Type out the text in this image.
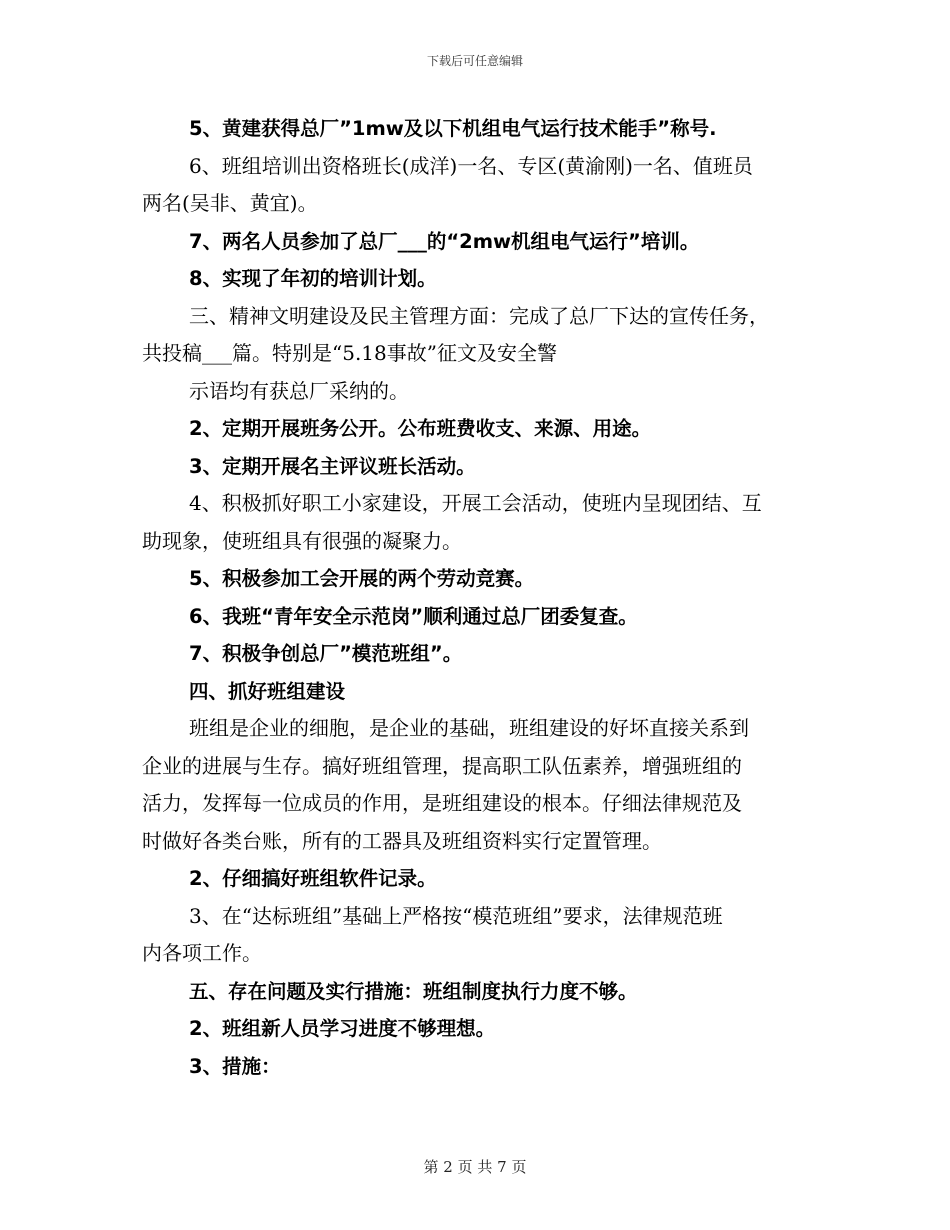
下载后可任意编辑

5、黄建获得总厂”1mw及以下机组电气运行技术能手”称号.

6、班组培训出资格班长(成洋)一名、专区(黄渝刚)一名、值班员

两名(吴非、黄宜)。

7、两名人员参加了总厂___的“2mw机组电气运行”培训。

8、实现了年初的培训计划。

三、精神文明建设及民主管理方面：完成了总厂下达的宣传任务，

共投稿___篇。特别是“5.18事故”征文及安全警

示语均有获总厂采纳的。

2、定期开展班务公开。公布班费收支、来源、用途。

3、定期开展名主评议班长活动。

4、积极抓好职工小家建设，开展工会活动，使班内呈现团结、互

助现象，使班组具有很强的凝聚力。

5、积极参加工会开展的两个劳动竞赛。

6、我班“青年安全示范岗”顺利通过总厂团委复查。

7、积极争创总厂”模范班组”。

四、抓好班组建设

班组是企业的细胞，是企业的基础，班组建设的好坏直接关系到

企业的进展与生存。搞好班组管理，提高职工队伍素养，增强班组的

活力，发挥每一位成员的作用，是班组建设的根本。仔细法律规范及

时做好各类台账，所有的工器具及班组资料实行定置管理。

2、仔细搞好班组软件记录。

3、在“达标班组”基础上严格按“模范班组”要求，法律规范班

内各项工作。

五、存在问题及实行措施：班组制度执行力度不够。

2、班组新人员学习进度不够理想。

3、措施：

第 2 页 共 7 页
